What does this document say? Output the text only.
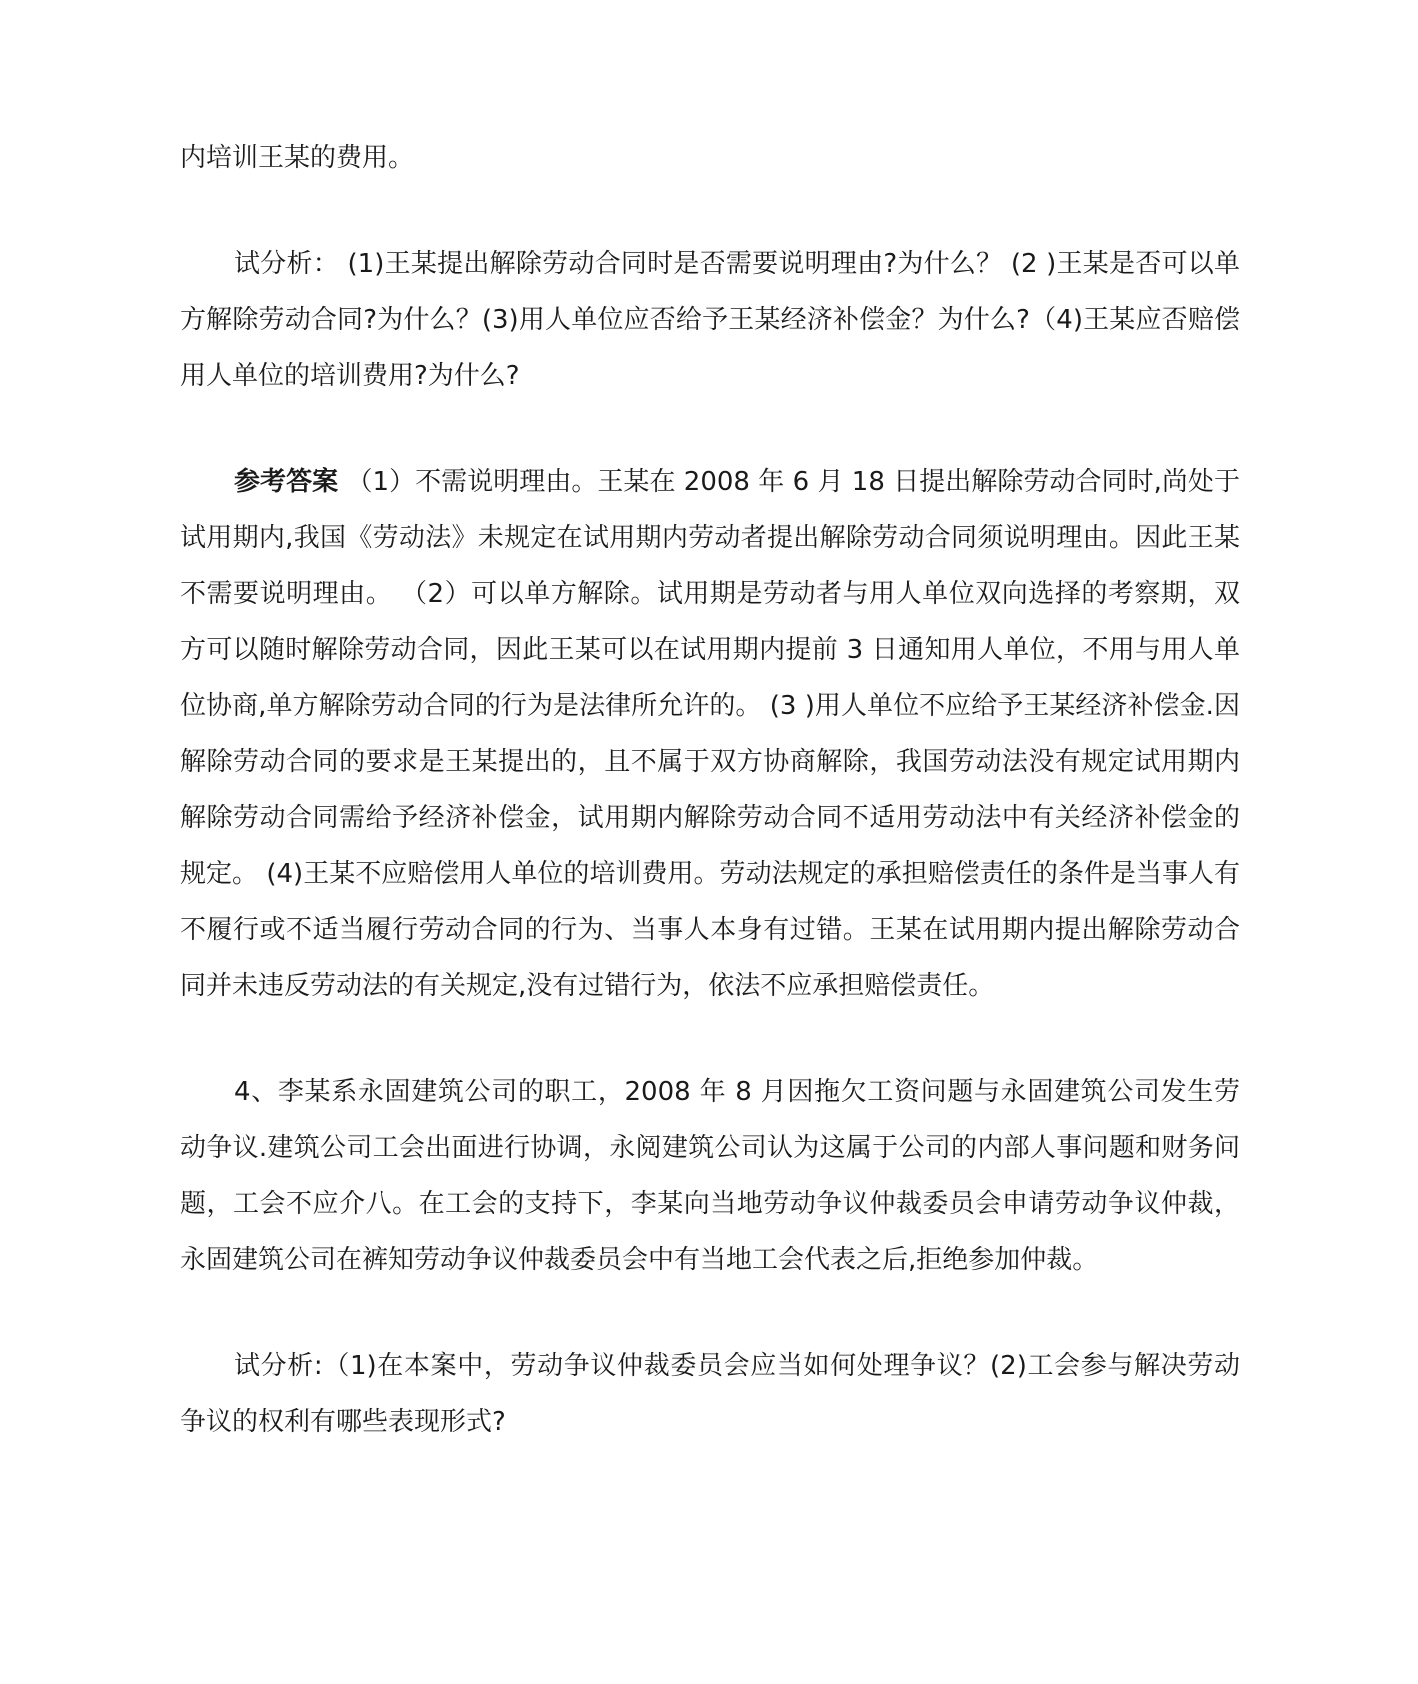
内培训王某的费用。

试分析： (1)王某提出解除劳动合同时是否需要说明理由?为什么？ (2 )王某是否可以单方解除劳动合同?为什么？(3)用人单位应否给予王某经济补偿金？为什么?（4)王某应否赔偿用人单位的培训费用?为什么?

参考答案 （1）不需说明理由。王某在 2008 年 6 月 18 日提出解除劳动合同时,尚处于试用期内,我国《劳动法》未规定在试用期内劳动者提出解除劳动合同须说明理由。因此王某不需要说明理由。 （2）可以单方解除。试用期是劳动者与用人单位双向选择的考察期，双方可以随时解除劳动合同，因此王某可以在试用期内提前 3 日通知用人单位，不用与用人单位协商,单方解除劳动合同的行为是法律所允许的。 (3 )用人单位不应给予王某经济补偿金.因解除劳动合同的要求是王某提出的，且不属于双方协商解除，我国劳动法没有规定试用期内解除劳动合同需给予经济补偿金，试用期内解除劳动合同不适用劳动法中有关经济补偿金的规定。 (4)王某不应赔偿用人单位的培训费用。劳动法规定的承担赔偿责任的条件是当事人有不履行或不适当履行劳动合同的行为、当事人本身有过错。王某在试用期内提出解除劳动合同并未违反劳动法的有关规定,没有过错行为，依法不应承担赔偿责任。

4、李某系永固建筑公司的职工，2008 年 8 月因拖欠工资问题与永固建筑公司发生劳动争议.建筑公司工会出面进行协调，永阅建筑公司认为这属于公司的内部人事问题和财务问题，工会不应介八。在工会的支持下，李某向当地劳动争议仲裁委员会申请劳动争议仲裁，永固建筑公司在裤知劳动争议仲裁委员会中有当地工会代表之后,拒绝参加仲裁。

试分析:（1)在本案中，劳动争议仲裁委员会应当如何处理争议？(2)工会参与解决劳动争议的权利有哪些表现形式?
